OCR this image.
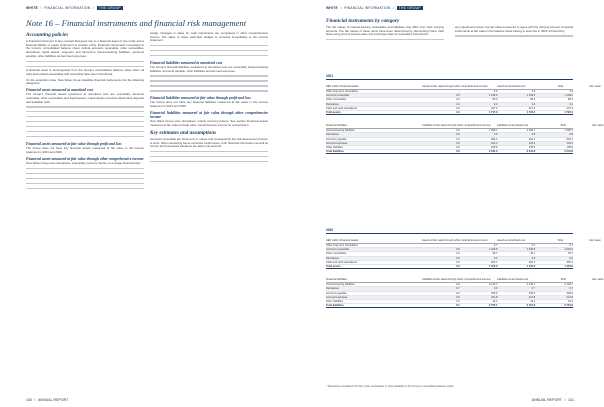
WHITE // FINANCIAL INFORMATION // THE GROUP
Note 16 – Financial instruments and financial risk management
Accounting policies

A financial instrument is any contract that gives rise to a financial asset of one entity and a financial liability or equity instrument of another entity. Financial instruments recognised in the Group's consolidated balance sheet include accounts receivable, other receivables, derivatives, liquid assets, long-term and short-term interest-bearing liabilities, accounts payable, other liabilities and accrued expenses.

A financial asset is derecognised from the Group's consolidated balance sheet when all risks and rewards associated with ownership have been transferred.

On the acquisition date, New Wave Group classifies financial instruments into the following categories:

Financial assets measured at amortised cost

The Group's financial assets measured at amortised cost are essentially accounts receivable, other receivables and liquid assets. Liquid assets comprise liquid bank deposits and available cash.

Financial assets measured at fair value through profit and loss

The Group does not have any financial assets measured at fair value in the income statement in 2021 and 2020.

Financial assets measured at fair value through other comprehensive income

New Wave Group uses derivatives, essentially currency futures, to manage financial risks.

hedge. Changes in value for cash instruments are recognised in other comprehensive income. The value of these cash-flow hedges is recorded immediately in the income statement.

Financial liabilities measured at amortised cost

The Group's financial liabilities measured at amortised cost are essentially interest-bearing liabilities, accounts payable, other liabilities and accrued expenses.

Financial liabilities measured at fair value through profit and loss

The Group does not have any financial liabilities measured at fair value in the income statement in 2021 and 2020.

Financial liabilities measured at fair value through other comprehensive income

New Wave Group uses derivatives, mainly currency futures. See section Financial assets measured at fair value through other comprehensive income for a description.

Key estimates and assumptions

Accounts receivable are short-term in nature and consequently the risk assessment horizon is short. When assessing future expected credit losses, both historical information as well as current and forecasted situations are taken into account.

100 // ANNUAL REPORT
WHITE // FINANCIAL INFORMATION // THE GROUP
Financial instruments by category

The fair values of interest-bearing receivables and liabilities may differ from their carrying amounts. The fair values of these items have been determined by discounting future cash flows using current interest rates and exchange rates for equivalent instruments.

any impairment losses, the fair value is deemed to agree with the carrying amount. Financial instruments at fair value in the balance sheet belong to level two in IFRS 13 hierarchy.

2021
SEK million Financial assets	Assets at fair value through other comprehensive income	Assets at amortised cost	Total	Fair value
Other long-term receivables	–	4.9	4.9	4.9
Accounts receivable	0.6	1 199.6	1 199.6	1 199.6
Other receivables	0.0	86.3	86.3	86.3
Derivatives	3.4	0.0	3.4	3.4
Cash and cash equivalents	0.0	427.3	427.3	427.3
Total assets	3.4	1 717.0	1 720.4	1 720.4
Financial liabilities	Liabilities at fair value through other comprehensive income	Liabilities at amortised cost	Total	Fair value
Interest-bearing liabilities	0.0	1 396.7	1 396.7	1 396.7
Derivatives	0.8	0.0	0.8	0.8
Accounts payable	0.0	934.1	934.1	934.1
Accrued expenses	0.0	104.3	104.3	104.3
Other liabilities	0.0	105.9	105.9	105.9
Total liabilities	0.8	2 541.0	2 541.8	2 541.8
2020
SEK million Financial assets	Assets at fair value through other comprehensive income	Assets at amortised cost	Total	Fair value
Other long-term receivables	–	6.7	6.7	6.7
Accounts receivable	0.0	1 049.5	1 049.5	1 049.5
Other receivables	0.0	45.7	45.7	45.7
Derivatives	0.0	0.0	0.0	0.0
Cash and cash equivalents	0.0	302.1	302.1	302.1
Total assets	0.0	1 404.0	1 404.0	1 404.0
Financial liabilities	Liabilities at fair value through other comprehensive income	Liabilities at amortised cost	Total	Fair value
Interest-bearing liabilities	0.0	2 142.7	2 142.7	2 142.7
Derivatives	6.7	0.0	6.7	6.7
Accounts payable	0.0	346.6	346.6	346.6
Accrued expenses	0.0	221.8	221.8	221.8
Other liabilities	0.0	44.4	44.4	44.4
Total liabilities	6.7	2 755.1	2 761.8	2 761.8
* Derivatives included in the item other receivables or other liabilities in the Group's consolidated balance sheet.
ANNUAL REPORT // 101
